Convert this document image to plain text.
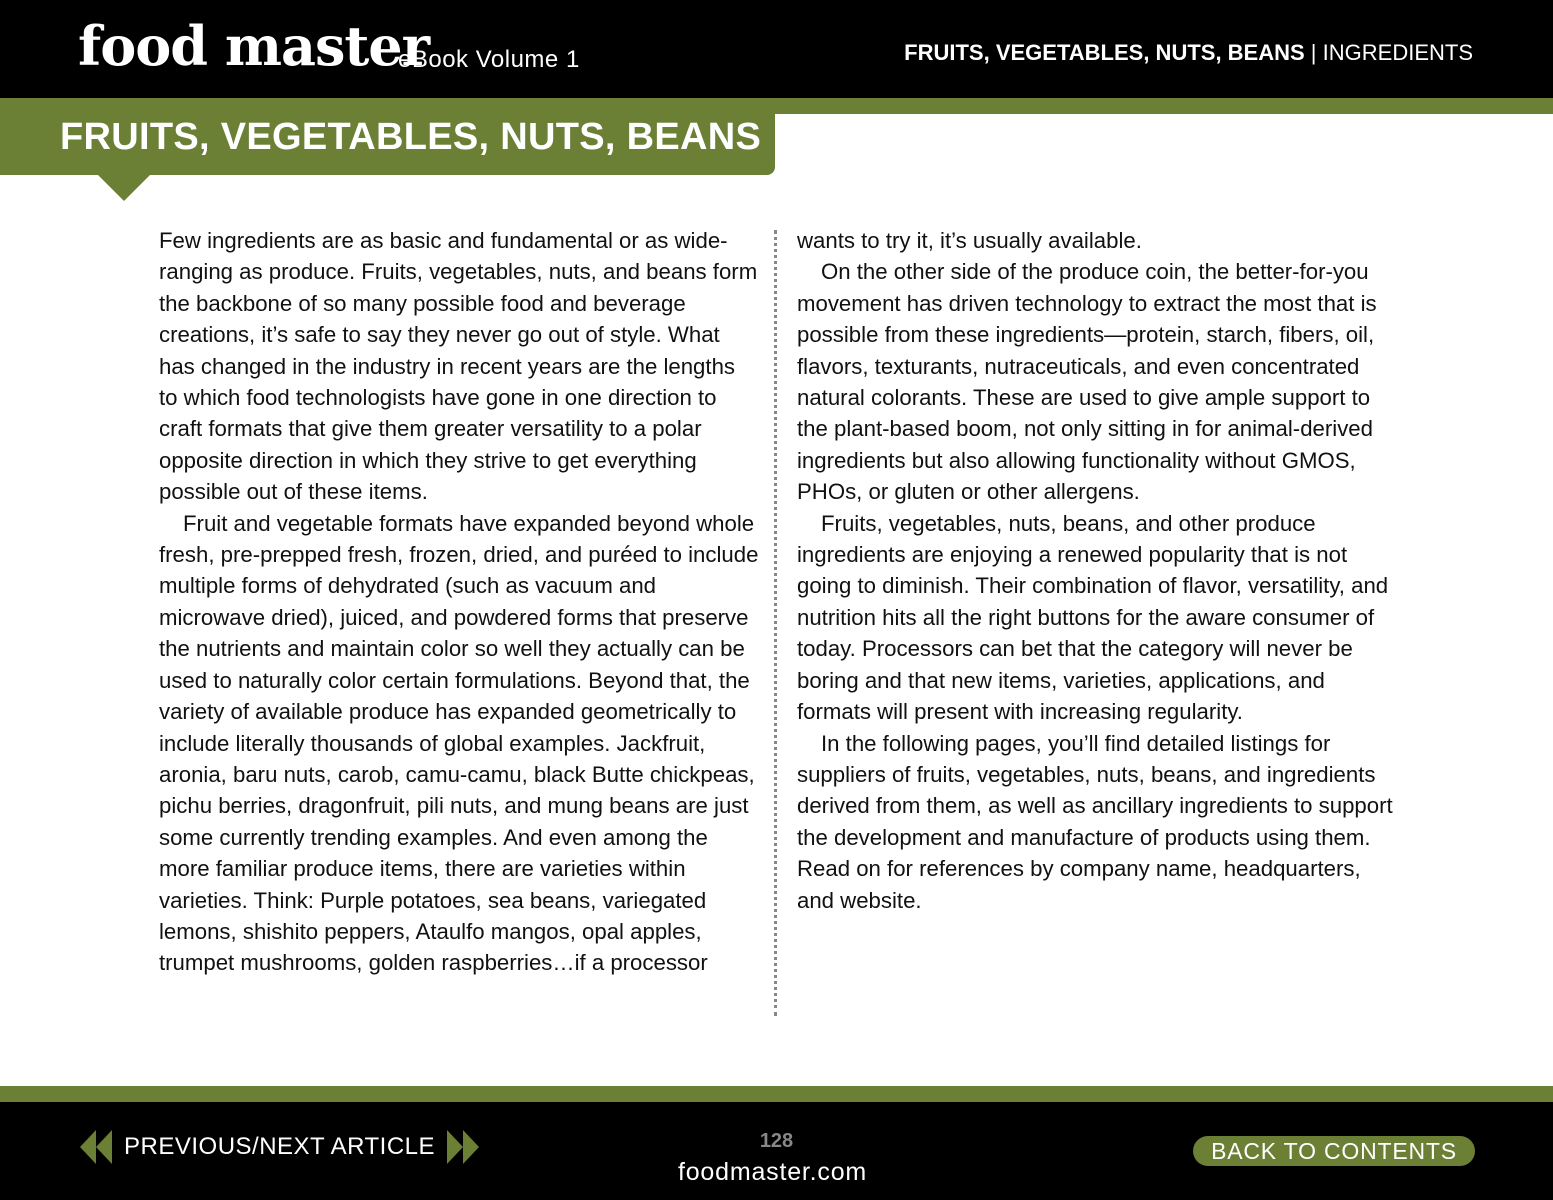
food master
eBook Volume 1	FRUITS, VEGETABLES, NUTS, BEANS | INGREDIENTS
FRUITS, VEGETABLES, NUTS, BEANS

Few ingredients are as basic and fundamental or as wide-ranging as produce. Fruits, vegetables, nuts, and beans form the backbone of so many possible food and beverage creations, it’s safe to say they never go out of style. What has changed in the industry in recent years are the lengths to which food technologists have gone in one direction to craft formats that give them greater versatility to a polar opposite direction in which they strive to get everything possible out of these items.

Fruit and vegetable formats have expanded beyond whole fresh, pre-prepped fresh, frozen, dried, and puréed to include multiple forms of dehydrated (such as vacuum and microwave dried), juiced, and powdered forms that preserve the nutrients and maintain color so well they actually can be used to naturally color certain formulations. Beyond that, the variety of available produce has expanded geometrically to include literally thousands of global examples. Jackfruit, aronia, baru nuts, carob, camu-camu, black Butte chickpeas, pichu berries, dragonfruit, pili nuts, and mung beans are just some currently trending examples. And even among the more familiar produce items, there are varieties within varieties. Think: Purple potatoes, sea beans, variegated lemons, shishito peppers, Ataulfo mangos, opal apples, trumpet mushrooms, golden raspberries…if a processor

wants to try it, it’s usually available.

On the other side of the produce coin, the better-for-you movement has driven technology to extract the most that is possible from these ingredients—protein, starch, fibers, oil, flavors, texturants, nutraceuticals, and even concentrated natural colorants. These are used to give ample support to the plant-based boom, not only sitting in for animal-derived ingredients but also allowing functionality without GMOS, PHOs, or gluten or other allergens.

Fruits, vegetables, nuts, beans, and other produce ingredients are enjoying a renewed popularity that is not going to diminish. Their combination of flavor, versatility, and nutrition hits all the right buttons for the aware consumer of today. Processors can bet that the category will never be boring and that new items, varieties, applications, and formats will present with increasing regularity.

In the following pages, you’ll find detailed listings for suppliers of fruits, vegetables, nuts, beans, and ingredients derived from them, as well as ancillary ingredients to support the development and manufacture of products using them. Read on for references by company name, headquarters, and website.

PREVIOUS/NEXT ARTICLE	128
foodmaster.com
BACK TO CONTENTS
